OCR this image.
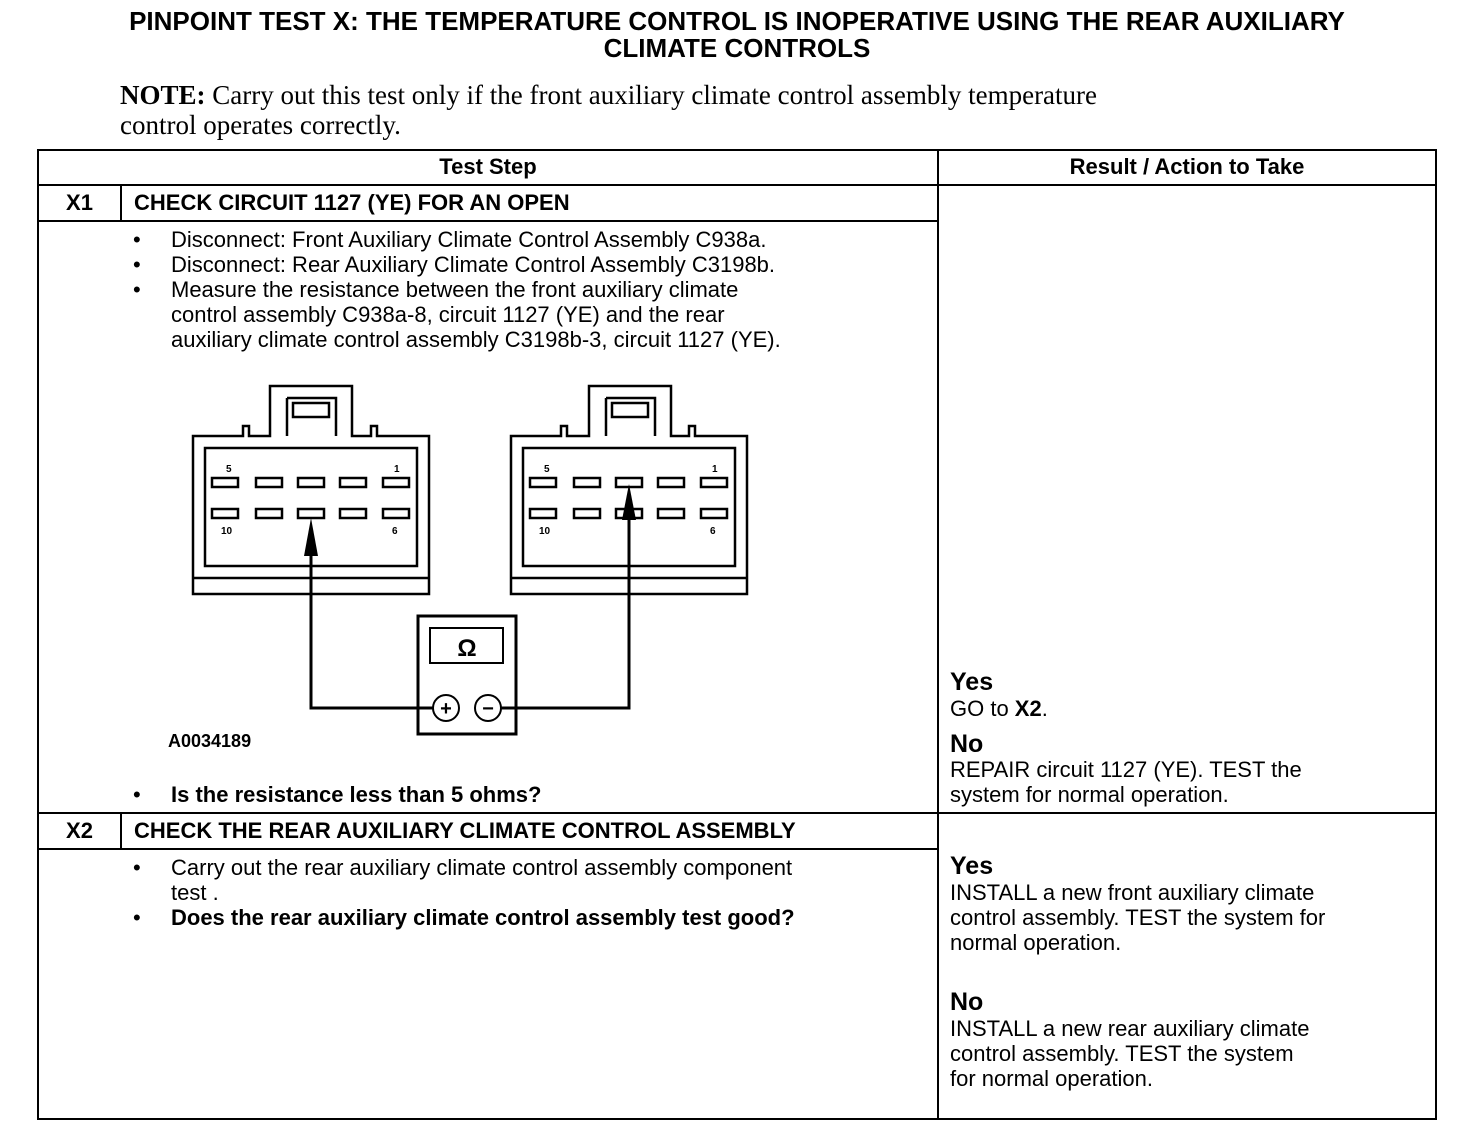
PINPOINT TEST X: THE TEMPERATURE CONTROL IS INOPERATIVE USING THE REAR AUXILIARY
CLIMATE CONTROLS
NOTE: Carry out this test only if the front auxiliary climate control assembly temperature
control operates correctly.
Test Step	Result / Action to Take
X1	CHECK CIRCUIT 1127 (YE) FOR AN OPEN
• Disconnect: Front Auxiliary Climate Control Assembly C938a.
• Disconnect: Rear Auxiliary Climate Control Assembly C3198b.
• Measure the resistance between the front auxiliary climate
control assembly C938a-8, circuit 1127 (YE) and the rear
auxiliary climate control assembly C3198b-3, circuit 1127 (YE).
5	1
10	6
5	1
10	6
Ω
+ −
A0034189
• Is the resistance less than 5 ohms?
Yes
GO to X2.
No
REPAIR circuit 1127 (YE). TEST the
system for normal operation.
X2	CHECK THE REAR AUXILIARY CLIMATE CONTROL ASSEMBLY
• Carry out the rear auxiliary climate control assembly component
test .
• Does the rear auxiliary climate control assembly test good?
Yes
INSTALL a new front auxiliary climate
control assembly. TEST the system for
normal operation.
No
INSTALL a new rear auxiliary climate
control assembly. TEST the system
for normal operation.
